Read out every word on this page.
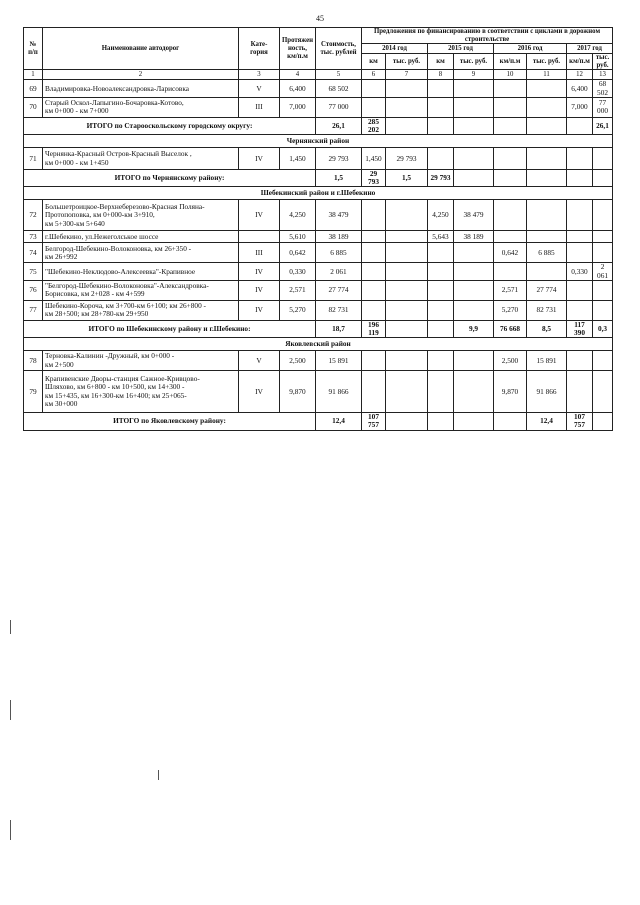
45
№
п/п	Наименование автодорог	Кате-
гория	Протяжен
ность,
км/п.м	Стоимость,
тыс. рублей	Предложения по финансированию в соответствии с циклами в дорожном строительстве								
					2014 год		2015 год		2016 год		2017 год		
					км	тыс. руб.	км	тыс. руб.	км/п.м	тыс. руб.	км/п.м	тыс. руб.	
1	2	3	4	5	6	7	8	9	10	11	12	13	
69	Владимировка-Новоалександровка-Ларисовка	V	6,400	68 502							6,400	68 502	
70	Старый Оскол-Лапыгино-Бочаровка-Котово,
км 0+000 - км 7+000	III	7,000	77 000							7,000	77 000	
ИТОГО по Старооскольскому городскому округу:				26,1	285 202							26,1	
Чернянский район													
71	Чернянка-Красный Остров-Красный Выселок ,
км 0+000 - км 1+450	IV	1,450	29 793	1,450	29 793							
ИТОГО по Чернянскому району:				1,5	29 793	1,5	29 793						
Шебекинский район и г.Шебекино													
72	Большетроицкое-Верхнеберезово-Красная Поляна-
Протопоповка, км 0+000-км 3+910,
км 5+300-км 5+640	IV	4,250	38 479			4,250	38 479					
73	г.Шебекино, ул.Нежеголськое шоссе		5,610	38 189			5,643	38 189					
74	Белгород-Шебекино-Волоконовка, км 26+350 -
км 26+992	III	0,642	6 885					0,642	6 885			
75	"Шебекино-Неклюдово-Алексеевка"-Крапивное	IV	0,330	2 061							0,330	2 061	
76	"Белгород-Шебекино-Волоконовка"-Александровка-
Борисовка, км 2+028 - км 4+599	IV	2,571	27 774					2,571	27 774			
77	Шебекино-Короча, км 3+700-км 6+100; км 26+800 -
км 28+500; км 28+780-км 29+950	IV	5,270	82 731					5,270	82 731			
ИТОГО по Шебекинскому району и г.Шебекино:				18,7	196 119			9,9	76 668	8,5	117 390	0,3	
Яковлевский район													
78	Терновка-Калинин -Дружный, км 0+000 -
км 2+500	V	2,500	15 891					2,500	15 891			
79	Крапивенские Дворы-станция Сажное-Кривцово-
Шляхово, км 6+800 - км 10+500, км 14+300 -
км 15+435, км 16+300-км 16+400; км 25+065-
км 30+000	IV	9,870	91 866					9,870	91 866			
ИТОГО по Яковлевскому району:				12,4	107 757					12,4	107 757		
